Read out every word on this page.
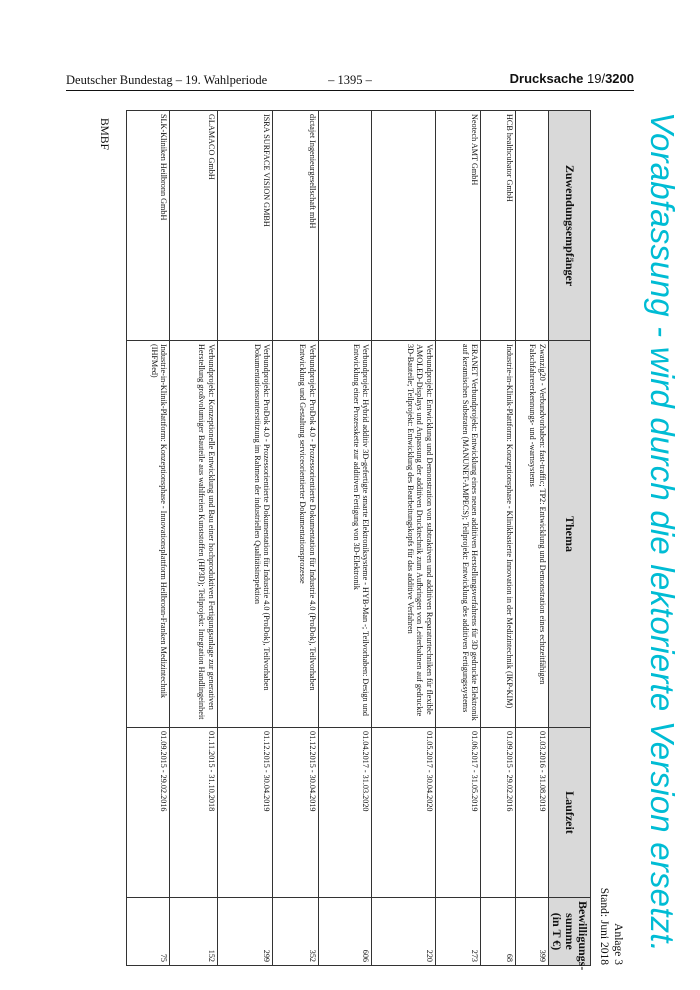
Deutscher Bundestag – 19. Wahlperiode	– 1395 –	Drucksache 19/3200
Vorabfassung - wird durch die lektorierte Version ersetzt.
Anlage 3
Stand: Juni 2018
Zuwendungsempfänger	Thema	Laufzeit	Bewilligungs-
summe
(in T €)

	Zwanzig20 - Verbundvorhaben: fast-traffic; TP2: Entwicklung und Demonstration eines echtzeitfähigen Falschfahrererkennungs- und -warnsystems	01.03.2016 - 31.08.2019	399
HCB healthcubator GmbH	Industrie-in-Klinik-Plattform: Konzeptionsphase - Klinikbasierte Innovation in der Medizintechnik (IKP-KIM)	01.09.2015 - 29.02.2016	68
Neotech AMT GmbH	ERANET Verbundprojekt: Entwicklung eines neuen additiven Herstellungsverfahrens für 3D gedruckte Elektronik auf keramischen Substraten (MANUNET-AMPECS); Teilprojekt: Entwicklung des additiven Fertigungssystems	01.06.2017 - 31.05.2019	273
	Verbundprojekt: Entwicklung und Demonstration von subtraktiven und additiven Reparaturtechniken für flexible AMOLED-Displays und Anpassung der additiven Drucktechnik zum Aufbringen von Leiterbahnen auf gedruckte 3D-Bauteile; Teilprojekt: Entwicklung des Bearbeitungskopfs für das additive Verfahren	01.05.2017 - 30.04.2020	220
	Verbundprojekt: Hybrid additiv 3D-gefertigte smarte Elektroniksysteme - HYB-Man -; Teilvorhaben: Design und Entwicklung einer Prozesskette zur additiven Fertigung von 3D-Elektronik	01.04.2017 - 31.03.2020	606
dictajet Ingenieurgesellschaft mbH	Verbundprojekt: ProDok 4.0 - Prozessorientierte Dokumentation für Industrie 4.0 (ProDok), Teilvorhaben Entwicklung und Gestaltung serviceorientierter Dokumentationsprozesse	01.12.2015 - 30.04.2019	352
ISRA SURFACE VISION GMBH	Verbundprojekt: ProDok 4.0 - Prozessorientierte Dokumentation für Industrie 4.0 (ProDok), Teilvorhaben Dokumentationsunterstützung im Rahmen der industriellen Qualitätsinspektion	01.12.2015 - 30.04.2019	299
GLAMACO GmbH	Verbundprojekt: Konzeptionelle Entwicklung und Bau einer hochproduktiven Fertigungsanlage zur generativen Herstellung großvolumiger Bauteile aus wahlfreien Kunststoffen (HP3D); Teilprojekt: Integration Handlingeinheit	01.11.2015 - 31.10.2018	152
SLK-Kliniken Heilbronn GmbH	Industrie-in-Klinik-Plattform: Konzeptionsphase - Innovationsplattform Heilbronn-Franken Medizintechnik (IHFMed)	01.09.2015 - 29.02.2016	75
BMBF
